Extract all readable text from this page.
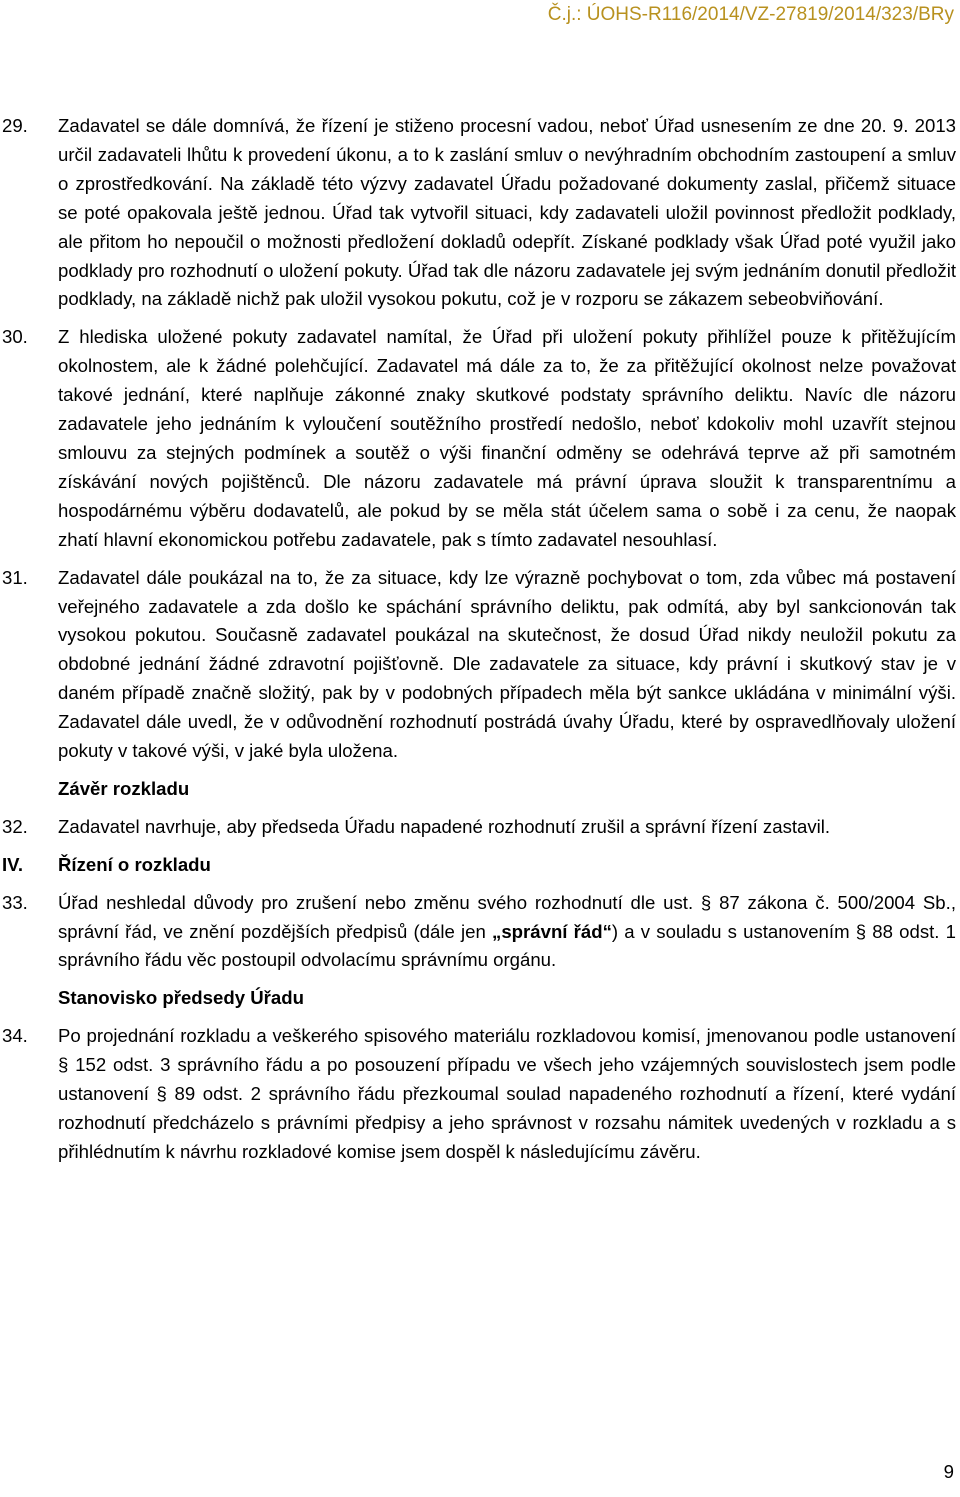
Č.j.: ÚOHS-R116/2014/VZ-27819/2014/323/BRy
29.	Zadavatel se dále domnívá, že řízení je stiženo procesní vadou, neboť Úřad usnesením ze dne 20. 9. 2013 určil zadavateli lhůtu k provedení úkonu, a to k zaslání smluv o nevýhradním obchodním zastoupení a smluv o zprostředkování. Na základě této výzvy zadavatel Úřadu požadované dokumenty zaslal, přičemž situace se poté opakovala ještě jednou. Úřad tak vytvořil situaci, kdy zadavateli uložil povinnost předložit podklady, ale přitom ho nepoučil o možnosti předložení dokladů odepřít. Získané podklady však Úřad poté využil jako podklady pro rozhodnutí o uložení pokuty. Úřad tak dle názoru zadavatele jej svým jednáním donutil předložit podklady, na základě nichž pak uložil vysokou pokutu, což je v rozporu se zákazem sebeobviňování.
30.	Z hlediska uložené pokuty zadavatel namítal, že Úřad při uložení pokuty přihlížel pouze k přitěžujícím okolnostem, ale k žádné polehčující. Zadavatel má dále za to, že za přitěžující okolnost nelze považovat takové jednání, které naplňuje zákonné znaky skutkové podstaty správního deliktu. Navíc dle názoru zadavatele jeho jednáním k vyloučení soutěžního prostředí nedošlo, neboť kdokoliv mohl uzavřít stejnou smlouvu za stejných podmínek a soutěž o výši finanční odměny se odehrává teprve až při samotném získávání nových pojištěnců. Dle názoru zadavatele má právní úprava sloužit k transparentnímu a hospodárnému výběru dodavatelů, ale pokud by se měla stát účelem sama o sobě i za cenu, že naopak zhatí hlavní ekonomickou potřebu zadavatele, pak s tímto zadavatel nesouhlasí.
31.	Zadavatel dále poukázal na to, že za situace, kdy lze výrazně pochybovat o tom, zda vůbec má postavení veřejného zadavatele a zda došlo ke spáchání správního deliktu, pak odmítá, aby byl sankcionován tak vysokou pokutou. Současně zadavatel poukázal na skutečnost, že dosud Úřad nikdy neuložil pokutu za obdobné jednání žádné zdravotní pojišťovně. Dle zadavatele za situace, kdy právní i skutkový stav je v daném případě značně složitý, pak by v podobných případech měla být sankce ukládána v minimální výši. Zadavatel dále uvedl, že v odůvodnění rozhodnutí postrádá úvahy Úřadu, které by ospravedlňovaly uložení pokuty v takové výši, v jaké byla uložena.
Závěr rozkladu
32.	Zadavatel navrhuje, aby předseda Úřadu napadené rozhodnutí zrušil a správní řízení zastavil.
IV.	Řízení o rozkladu
33.	Úřad neshledal důvody pro zrušení nebo změnu svého rozhodnutí dle ust. § 87 zákona č. 500/2004 Sb., správní řád, ve znění pozdějších předpisů (dále jen „správní řád“) a v souladu s ustanovením § 88 odst. 1 správního řádu věc postoupil odvolacímu správnímu orgánu.
Stanovisko předsedy Úřadu
34.	Po projednání rozkladu a veškerého spisového materiálu rozkladovou komisí, jmenovanou podle ustanovení § 152 odst. 3 správního řádu a po posouzení případu ve všech jeho vzájemných souvislostech jsem podle ustanovení § 89 odst. 2 správního řádu přezkoumal soulad napadeného rozhodnutí a řízení, které vydání rozhodnutí předcházelo s právními předpisy a jeho správnost v rozsahu námitek uvedených v rozkladu a s přihlédnutím k návrhu rozkladové komise jsem dospěl k následujícímu závěru.
9
